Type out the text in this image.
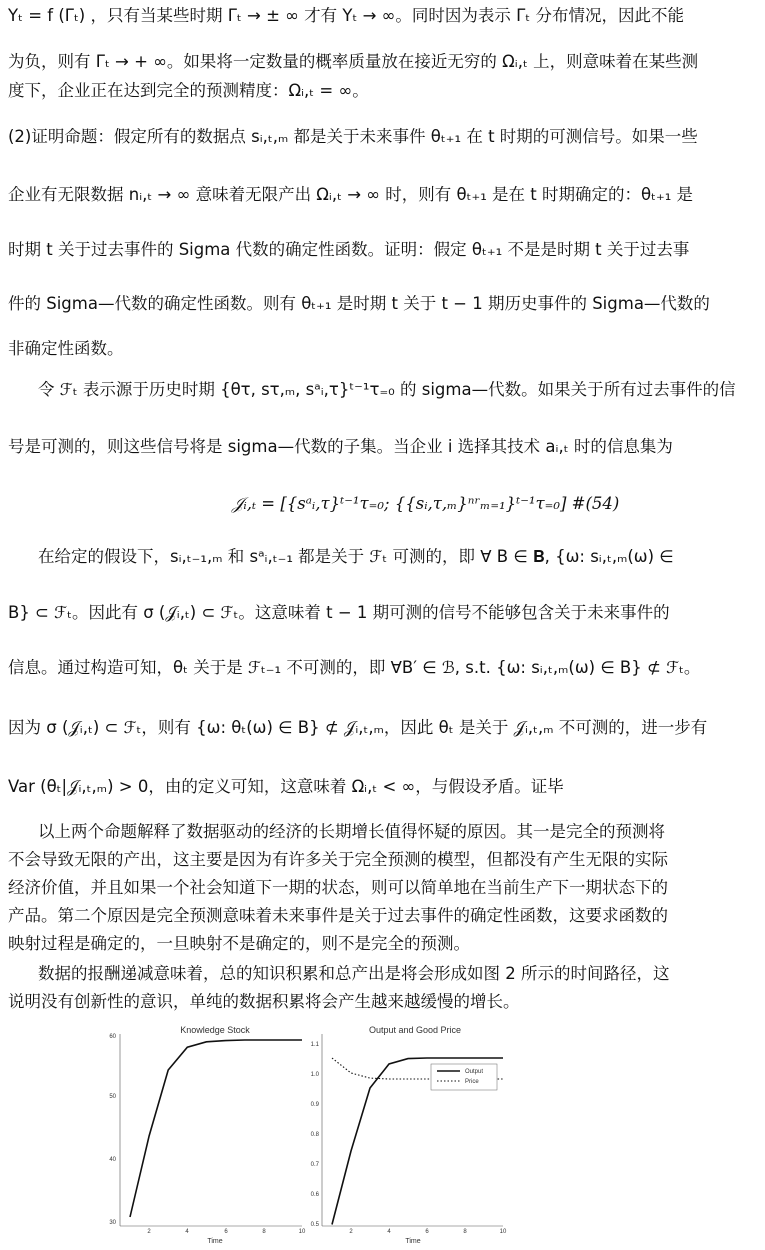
Yₜ = f (Γₜ) ，只有当某些时期 Γₜ → ± ∞ 才有 Yₜ → ∞。同时因为表示 Γₜ 分布情况，因此不能
为负，则有 Γₜ → + ∞。如果将一定数量的概率质量放在接近无穷的 Ωᵢ,ₜ 上，则意味着在某些测
度下，企业正在达到完全的预测精度：Ωᵢ,ₜ = ∞。
(2)证明命题：假定所有的数据点 sᵢ,ₜ,ₘ 都是关于未来事件 θₜ₊₁ 在 t 时期的可测信号。如果一些
企业有无限数据 nᵢ,ₜ → ∞ 意味着无限产出 Ωᵢ,ₜ → ∞ 时，则有 θₜ₊₁ 是在 t 时期确定的：θₜ₊₁ 是
时期 t 关于过去事件的 Sigma 代数的确定性函数。证明：假定 θₜ₊₁ 不是是时期 t 关于过去事
件的 Sigma—代数的确定性函数。则有 θₜ₊₁ 是时期 t 关于 t − 1 期历史事件的 Sigma—代数的
非确定性函数。
令 ℱₜ 表示源于历史时期 {θτ, sτ,ₘ, sᵃᵢ,τ}ᵗ⁻¹τ₌₀ 的 sigma—代数。如果关于所有过去事件的信
号是可测的，则这些信号将是 sigma—代数的子集。当企业 i 选择其技术 aᵢ,ₜ 时的信息集为
𝒥ᵢ,ₜ = [{sᵃᵢ,τ}ᵗ⁻¹τ₌₀; {{sᵢ,τ,ₘ}ⁿʳₘ₌₁}ᵗ⁻¹τ₌₀] #(54)
在给定的假设下，sᵢ,ₜ₋₁,ₘ 和 sᵃᵢ,ₜ₋₁ 都是关于 ℱₜ 可测的，即 ∀ B ∈ 𝐁, {ω: sᵢ,ₜ,ₘ(ω) ∈
B} ⊂ ℱₜ。因此有 σ (𝒥ᵢ,ₜ) ⊂ ℱₜ。这意味着 t − 1 期可测的信号不能够包含关于未来事件的
信息。通过构造可知，θₜ 关于是 ℱₜ₋₁ 不可测的，即 ∀B′ ∈ ℬ, s.t. {ω: sᵢ,ₜ,ₘ(ω) ∈ B} ⊄ ℱₜ。
因为 σ (𝒥ᵢ,ₜ) ⊂ ℱₜ，则有 {ω: θₜ(ω) ∈ B} ⊄ 𝒥ᵢ,ₜ,ₘ，因此 θₜ 是关于 𝒥ᵢ,ₜ,ₘ 不可测的，进一步有
Var (θₜ|𝒥ᵢ,ₜ,ₘ) > 0，由的定义可知，这意味着 Ωᵢ,ₜ < ∞，与假设矛盾。证毕
以上两个命题解释了数据驱动的经济的长期增长值得怀疑的原因。其一是完全的预测将
不会导致无限的产出，这主要是因为有许多关于完全预测的模型，但都没有产生无限的实际
经济价值，并且如果一个社会知道下一期的状态，则可以简单地在当前生产下一期状态下的
产品。第二个原因是完全预测意味着未来事件是关于过去事件的确定性函数，这要求函数的
映射过程是确定的，一旦映射不是确定的，则不是完全的预测。
数据的报酬递减意味着，总的知识积累和总产出是将会形成如图 2 所示的时间路径，这
说明没有创新性的意识，单纯的数据积累将会产生越来越缓慢的增长。
Knowledge Stock
Time
2	4	6	8	10
30
40
50
60
Output and Good Price
Time
2	4	6	8	10
0.5
0.6
0.7
0.8
0.9
1.0
1.1
Output
Price
